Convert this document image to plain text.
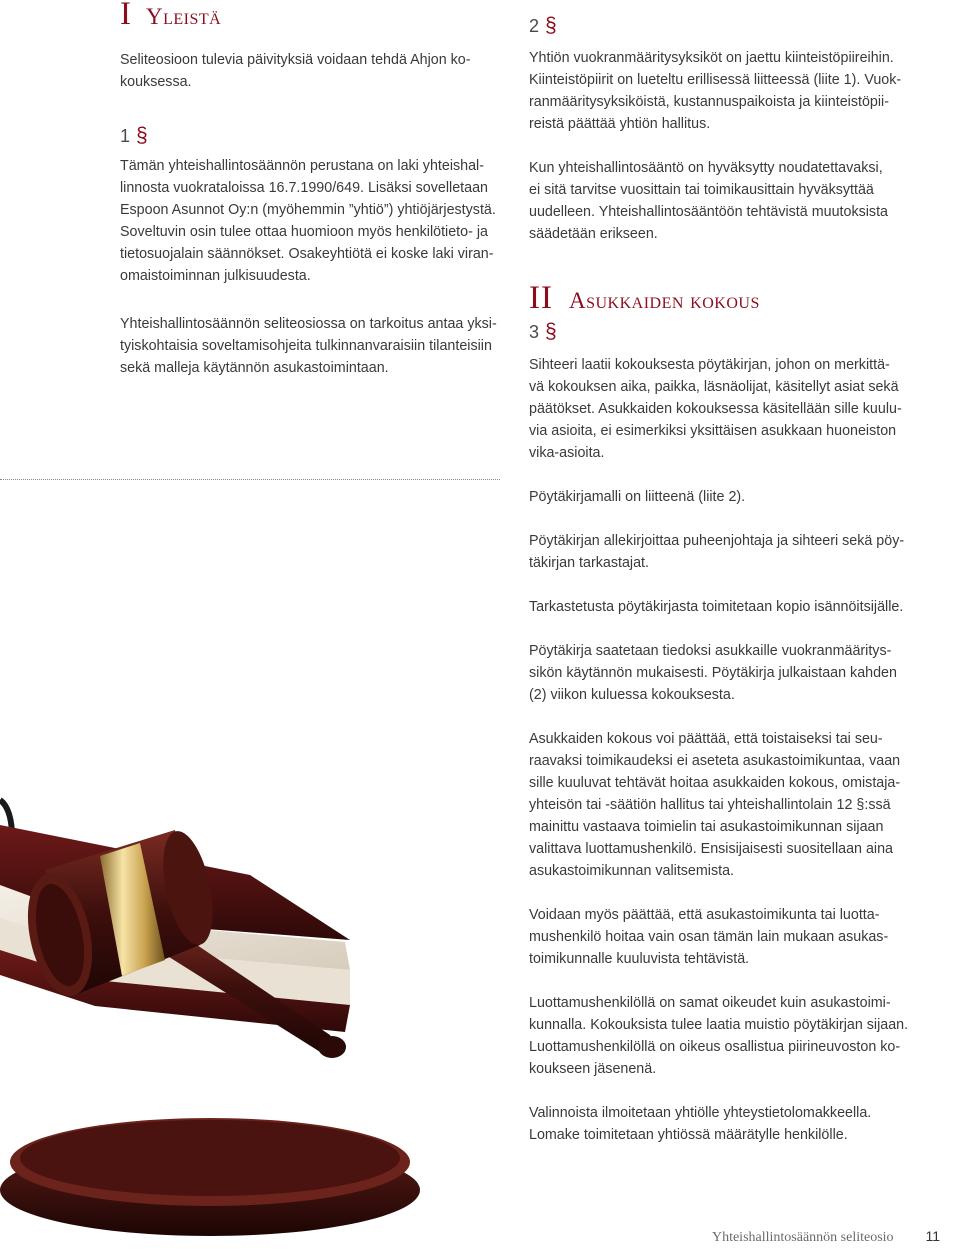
I Yleistä

Seliteosioon tulevia päivityksiä voidaan tehdä Ahjon ko- kouksessa.

1 §

Tämän yhteishallintosäännön perustana on laki yhteishal-
linnosta vuokrataloissa 16.7.1990/649. Lisäksi sovelletaan
Espoon Asunnot Oy:n (myöhemmin ”yhtiö”) yhtiöjärjestystä.
Soveltuvin osin tulee ottaa huomioon myös henkilötieto- ja
tietosuojalain säännökset. Osakeyhtiötä ei koske laki viran-
omaistoiminnan julkisuudesta.

Yhteishallintosäännön seliteosiossa on tarkoitus antaa yksi-
tyiskohtaisia soveltamisohjeita tulkinnanvaraisiin tilanteisiin
sekä malleja käytännön asukastoimintaan.

2 §

Yhtiön vuokranmääritysyksiköt on jaettu kiinteistöpiireihin.
Kiinteistöpiirit on lueteltu erillisessä liitteessä (liite 1). Vuok-
ranmääritysyksiköistä, kustannuspaikoista ja kiinteistöpii-
reistä päättää yhtiön hallitus.

Kun yhteishallintosääntö on hyväksytty noudatettavaksi,
ei sitä tarvitse vuosittain tai toimikausittain hyväksyttää
uudelleen. Yhteishallintosääntöön tehtävistä muutoksista
säädetään erikseen.

II Asukkaiden kokous
3 §

Sihteeri laatii kokouksesta pöytäkirjan, johon on merkittä-
vä kokouksen aika, paikka, läsnäolijat, käsitellyt asiat sekä
päätökset. Asukkaiden kokouksessa käsitellään sille kuulu-
via asioita, ei esimerkiksi yksittäisen asukkaan huoneiston
vika-asioita.

Pöytäkirjamalli on liitteenä (liite 2).

Pöytäkirjan allekirjoittaa puheenjohtaja ja sihteeri sekä pöy-
täkirjan tarkastajat.

Tarkastetusta pöytäkirjasta toimitetaan kopio isännöitsijälle.

Pöytäkirja saatetaan tiedoksi asukkaille vuokranmääritys-
sikön käytännön mukaisesti. Pöytäkirja julkaistaan kahden
(2) viikon kuluessa kokouksesta.

Asukkaiden kokous voi päättää, että toistaiseksi tai seu-
raavaksi toimikaudeksi ei aseteta asukastoimikuntaa, vaan
sille kuuluvat tehtävät hoitaa asukkaiden kokous, omistaja-
yhteisön tai -säätiön hallitus tai yhteishallintolain 12 §:ssä
mainittu vastaava toimielin tai asukastoimikunnan sijaan
valittava luottamushenkilö. Ensisijaisesti suositellaan aina
asukastoimikunnan valitsemista.

Voidaan myös päättää, että asukastoimikunta tai luotta-
mushenkilö hoitaa vain osan tämän lain mukaan asukas-
toimikunnalle kuuluvista tehtävistä.

Luottamushenkilöllä on samat oikeudet kuin asukastoimi-
kunnalla. Kokouksista tulee laatia muistio pöytäkirjan sijaan.
Luottamushenkilöllä on oikeus osallistua piirineuvoston ko-
koukseen jäsenenä.

Valinnoista ilmoitetaan yhtiölle yhteystietolomakkeella.
Lomake toimitetaan yhtiössä määrätylle henkilölle.

Yhteishallintosäännön seliteosio 11
